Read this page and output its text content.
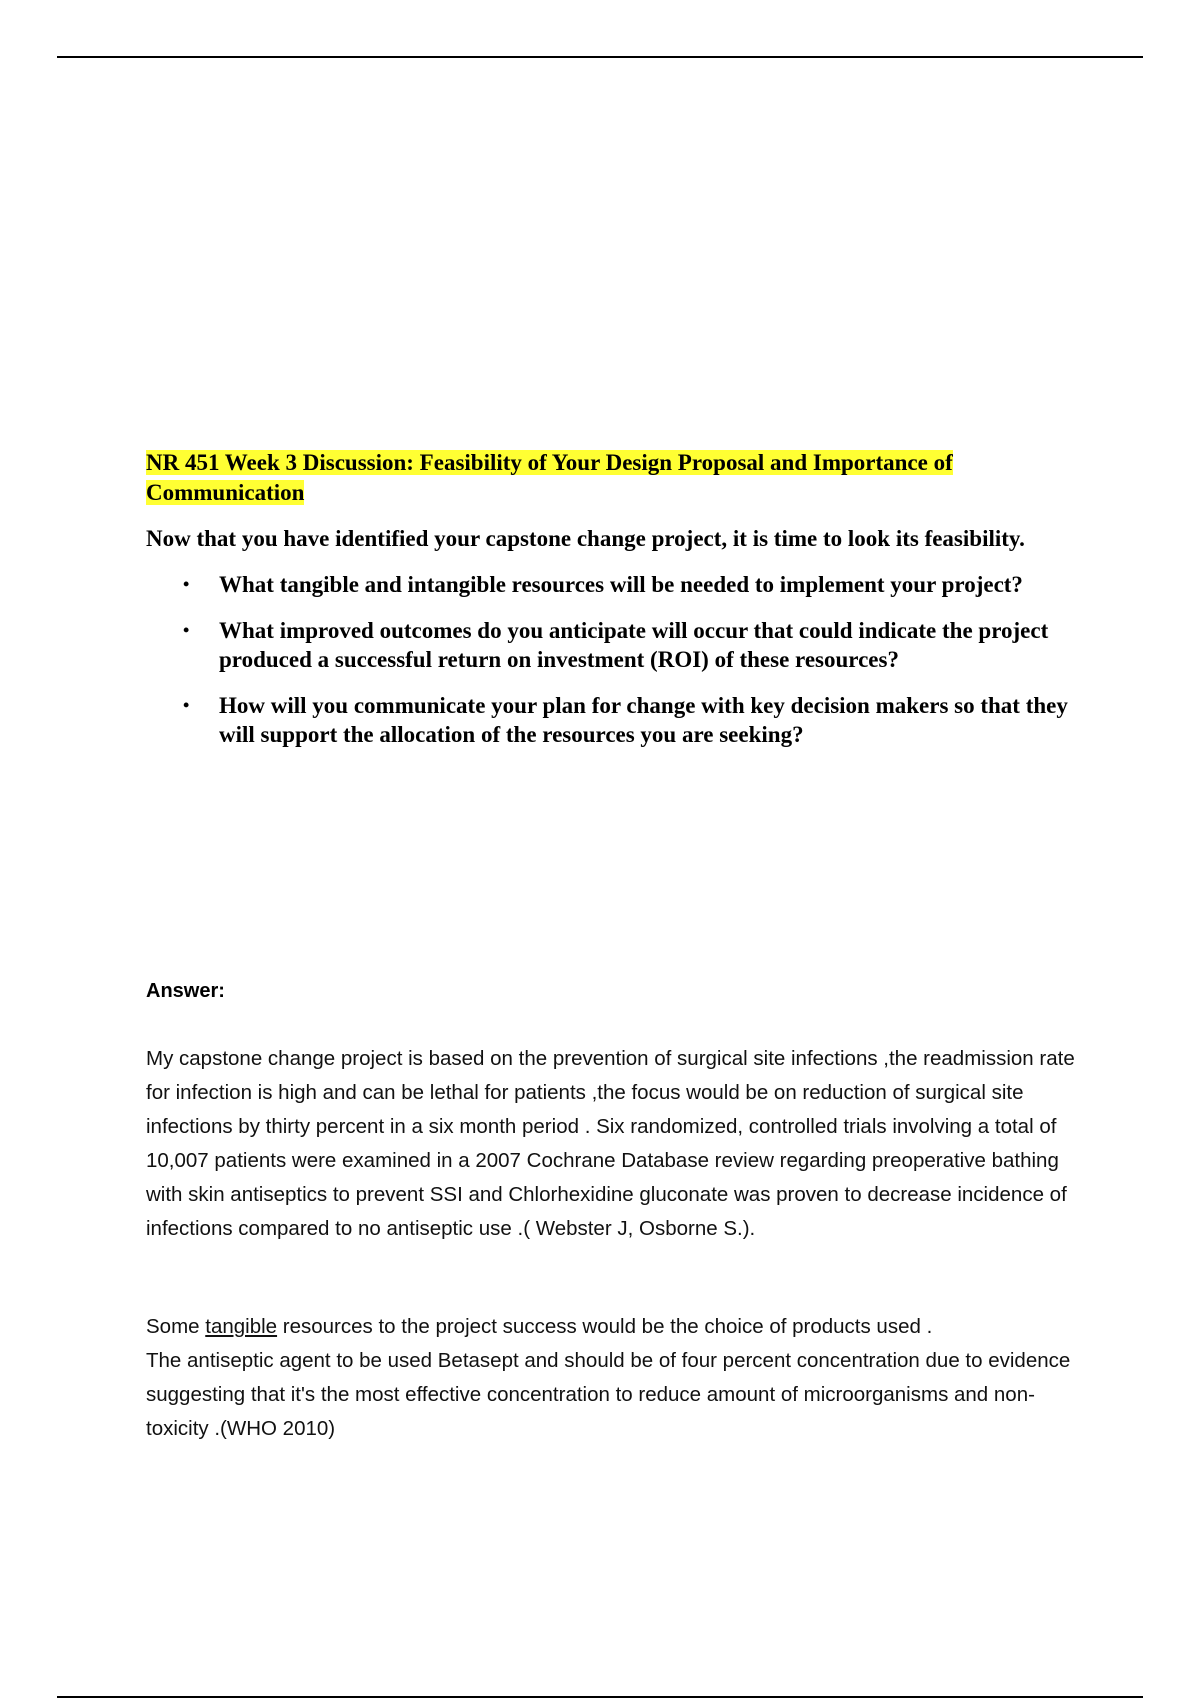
NR 451 Week 3 Discussion: Feasibility of Your Design Proposal and Importance of Communication

Now that you have identified your capstone change project, it is time to look its feasibility.

• What tangible and intangible resources will be needed to implement your project?
• What improved outcomes do you anticipate will occur that could indicate the project produced a successful return on investment (ROI) of these resources?
• How will you communicate your plan for change with key decision makers so that they will support the allocation of the resources you are seeking?

Answer:

My capstone change project is based on the prevention of surgical site infections ,the readmission rate for infection is high and can be lethal for patients ,the focus would be on reduction of surgical site infections by thirty percent in a six month period . Six randomized, controlled trials involving a total of 10,007 patients were examined in a 2007 Cochrane Database review regarding preoperative bathing with skin antiseptics to prevent SSI and Chlorhexidine gluconate was proven to decrease incidence of infections compared to no antiseptic use .( Webster J, Osborne S.).

Some tangible resources to the project success would be the choice of products used .
The antiseptic agent to be used Betasept and should be of four percent concentration due to evidence suggesting that it's the most effective concentration to reduce amount of microorganisms and non-toxicity .(WHO 2010)
